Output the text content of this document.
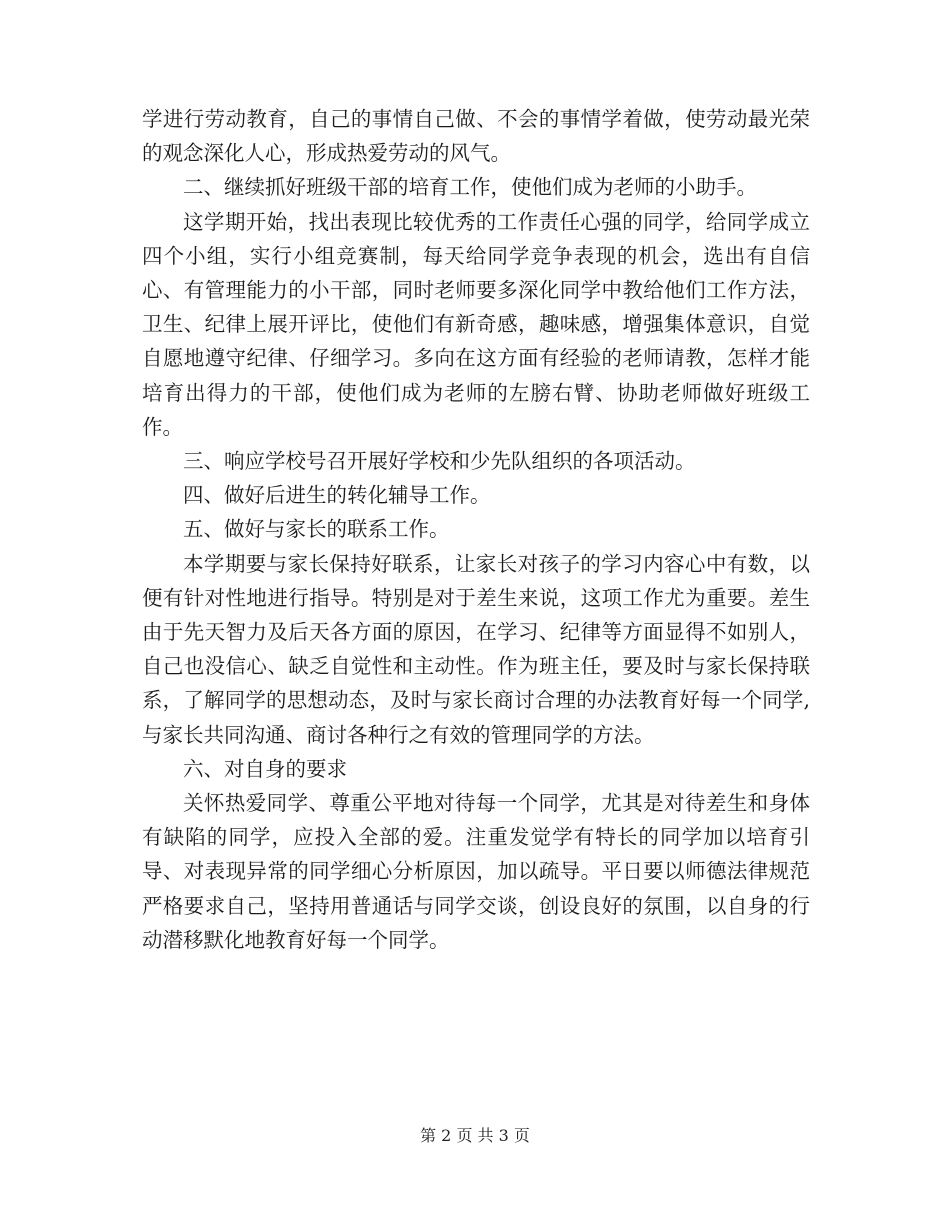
学进行劳动教育，自己的事情自己做、不会的事情学着做，使劳动最光荣的观念深化人心，形成热爱劳动的风气。

二、继续抓好班级干部的培育工作，使他们成为老师的小助手。

这学期开始，找出表现比较优秀的工作责任心强的同学，给同学成立四个小组，实行小组竞赛制，每天给同学竞争表现的机会，选出有自信心、有管理能力的小干部，同时老师要多深化同学中教给他们工作方法，卫生、纪律上展开评比，使他们有新奇感，趣味感，增强集体意识，自觉自愿地遵守纪律、仔细学习。多向在这方面有经验的老师请教，怎样才能培育出得力的干部，使他们成为老师的左膀右臂、协助老师做好班级工作。

三、响应学校号召开展好学校和少先队组织的各项活动。

四、做好后进生的转化辅导工作。

五、做好与家长的联系工作。

本学期要与家长保持好联系，让家长对孩子的学习内容心中有数，以便有针对性地进行指导。特别是对于差生来说，这项工作尤为重要。差生由于先天智力及后天各方面的原因，在学习、纪律等方面显得不如别人，自己也没信心、缺乏自觉性和主动性。作为班主任，要及时与家长保持联系，了解同学的思想动态，及时与家长商讨合理的办法教育好每一个同学,与家长共同沟通、商讨各种行之有效的管理同学的方法。

六、对自身的要求

关怀热爱同学、尊重公平地对待每一个同学，尤其是对待差生和身体有缺陷的同学，应投入全部的爱。注重发觉学有特长的同学加以培育引导、对表现异常的同学细心分析原因，加以疏导。平日要以师德法律规范严格要求自己，坚持用普通话与同学交谈，创设良好的氛围，以自身的行动潜移默化地教育好每一个同学。

第 2 页 共 3 页
